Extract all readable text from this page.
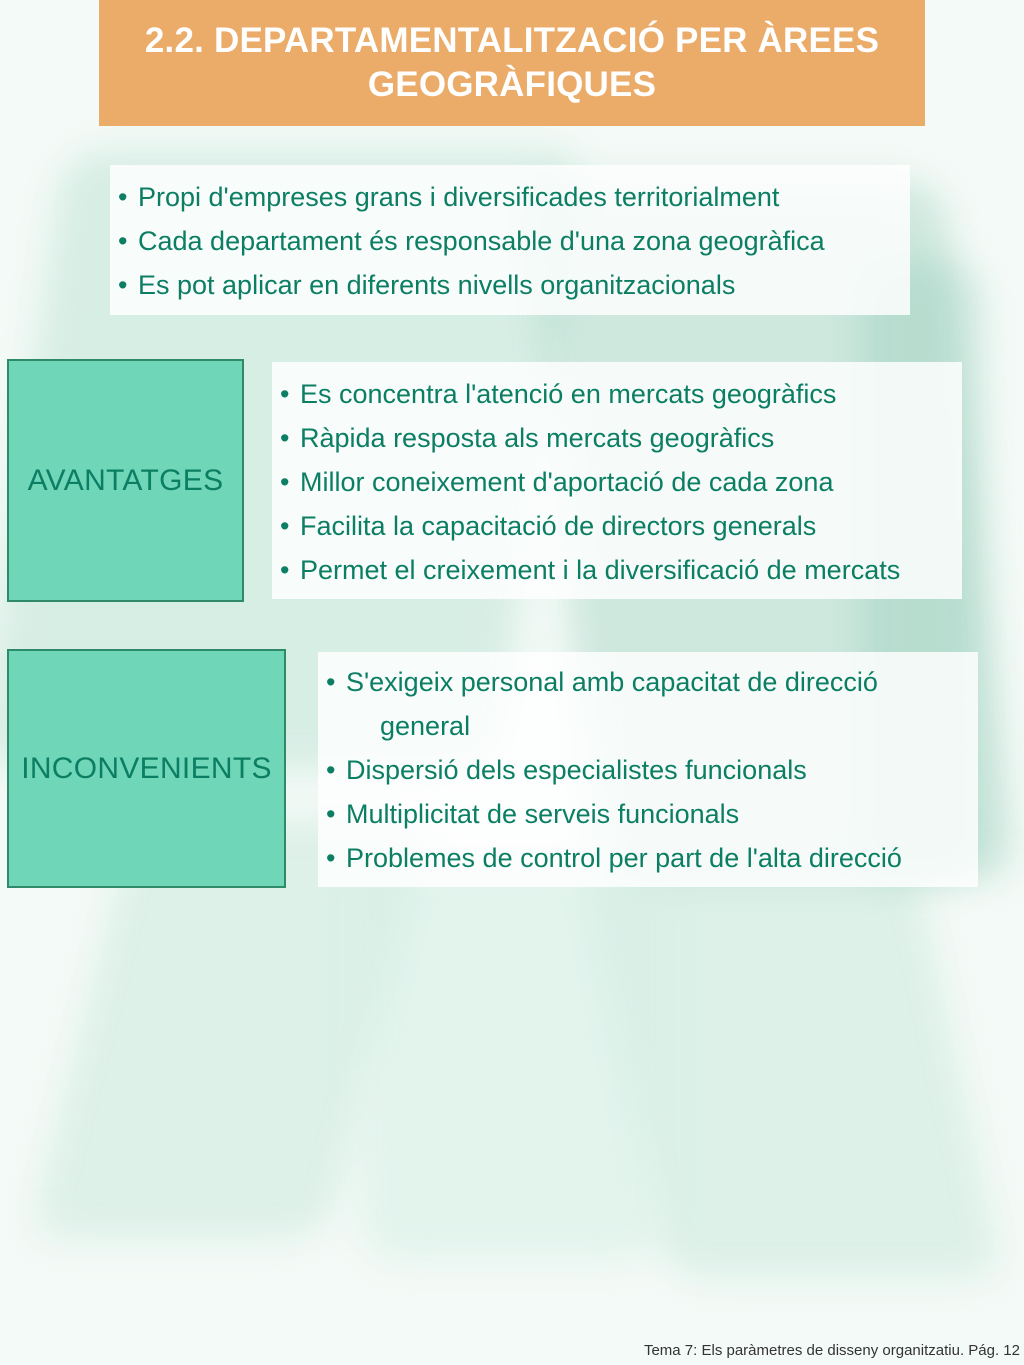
2.2. DEPARTAMENTALITZACIÓ PER ÀREES
GEOGRÀFIQUES
• Propi d'empreses grans i diversificades territorialment
• Cada departament és responsable d'una zona geogràfica
• Es pot aplicar en diferents nivells organitzacionals
AVANTATGES
• Es concentra l'atenció en mercats geogràfics
• Ràpida resposta als mercats geogràfics
• Millor coneixement d'aportació de cada zona
• Facilita la capacitació de directors generals
• Permet el creixement i la diversificació de mercats
INCONVENIENTS
• S'exigeix personal amb capacitat de direcció
general
• Dispersió dels especialistes funcionals
• Multiplicitat de serveis funcionals
• Problemes de control per part de l'alta direcció
Tema 7: Els paràmetres de disseny organitzatiu. Pág. 12
